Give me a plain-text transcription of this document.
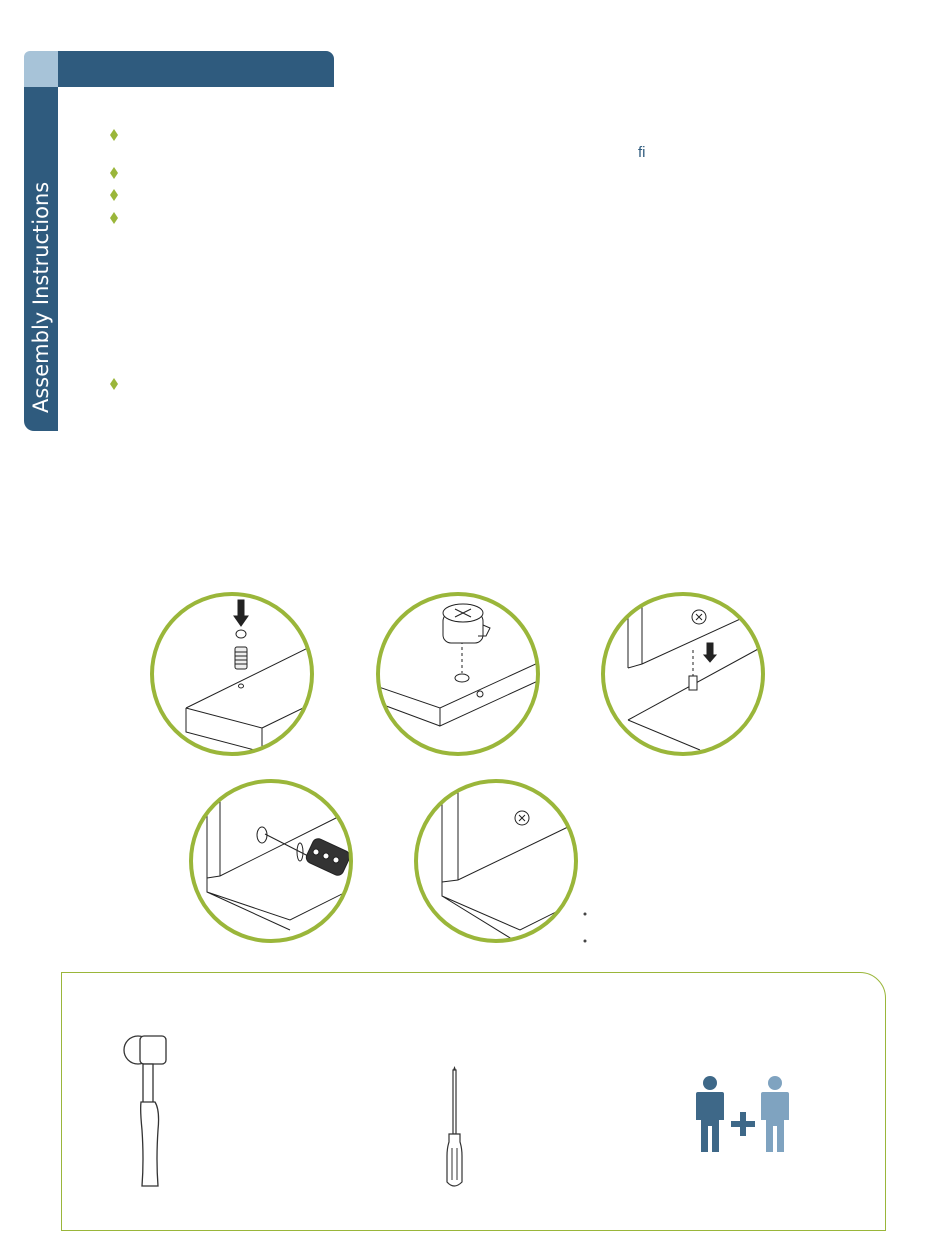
Assembly Instructions
fi
